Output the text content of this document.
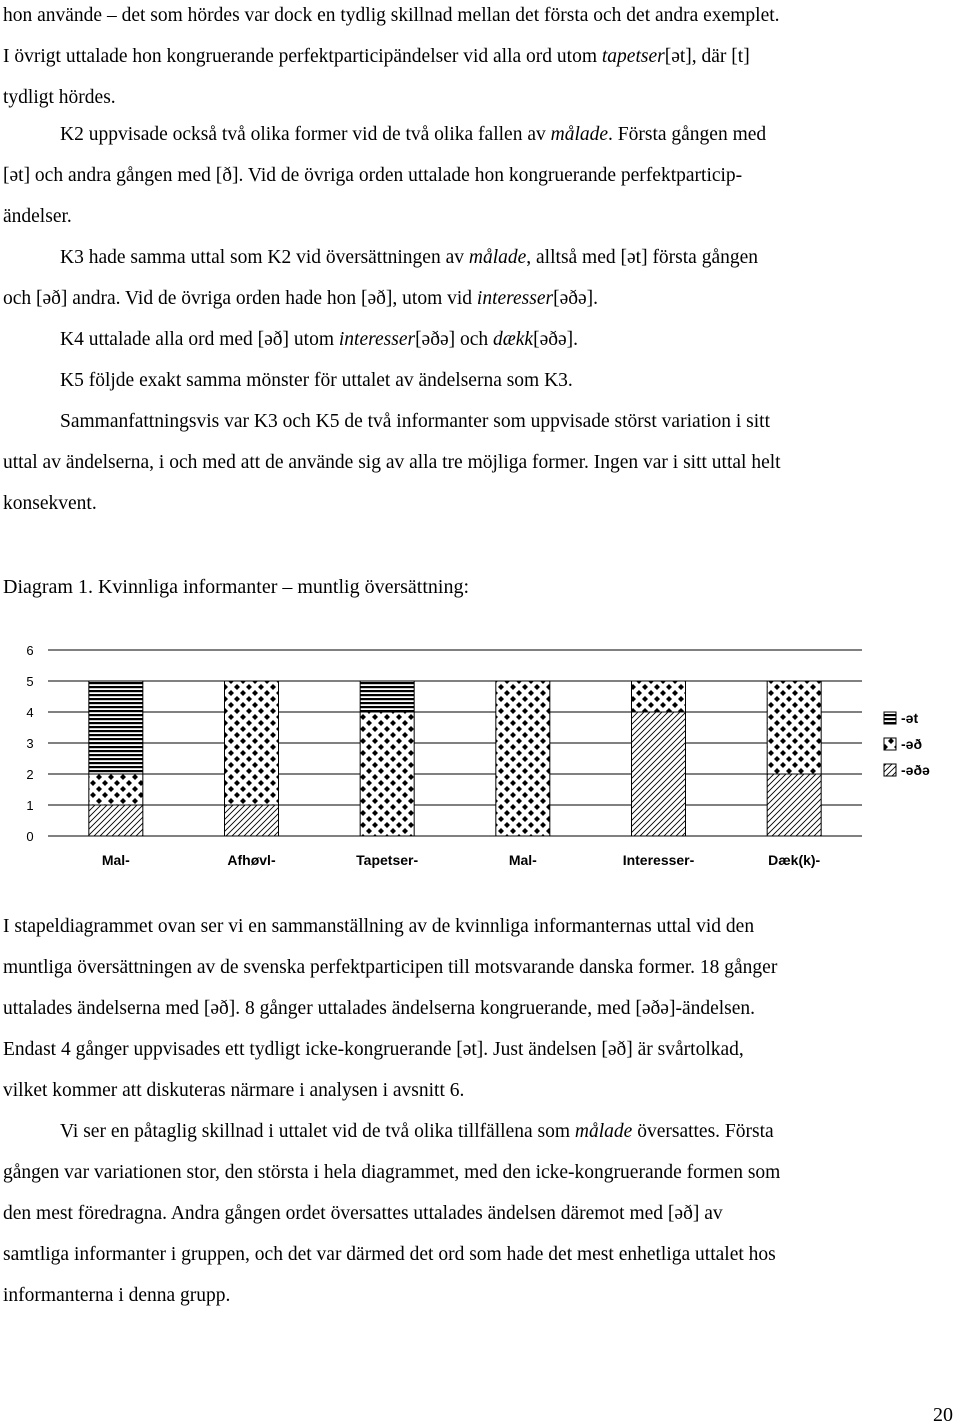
hon använde – det som hördes var dock en tydlig skillnad mellan det första och det andra exemplet.
I övrigt uttalade hon kongruerande perfektparticipändelser vid alla ord utom tapetser[ət], där [t]
tydligt hördes.
K2 uppvisade också två olika former vid de två olika fallen av målade. Första gången med
[ət] och andra gången med [ð]. Vid de övriga orden uttalade hon kongruerande perfektparticip-
ändelser.
K3 hade samma uttal som K2 vid översättningen av målade, alltså med [ət] första gången
och [əð] andra. Vid de övriga orden hade hon [əð], utom vid interesser[əðə].
K4 uttalade alla ord med [əð] utom interesser[əðə] och dækk[əðə].
K5 följde exakt samma mönster för uttalet av ändelserna som K3.
Sammanfattningsvis var K3 och K5 de två informanter som uppvisade störst variation i sitt
uttal av ändelserna, i och med att de använde sig av alla tre möjliga former. Ingen var i sitt uttal helt
konsekvent.
I stapeldiagrammet ovan ser vi en sammanställning av de kvinnliga informanternas uttal vid den
muntliga översättningen av de svenska perfektparticipen till motsvarande danska former. 18 gånger
uttalades ändelserna med [əð]. 8 gånger uttalades ändelserna kongruerande, med [əðə]-ändelsen.
Endast 4 gånger uppvisades ett tydligt icke-kongruerande [ət]. Just ändelsen [əð] är svårtolkad,
vilket kommer att diskuteras närmare i analysen i avsnitt 6.
Vi ser en påtaglig skillnad i uttalet vid de två olika tillfällena som målade översattes. Första
gången var variationen stor, den största i hela diagrammet, med den icke-kongruerande formen som
den mest föredragna. Andra gången ordet översattes uttalades ändelsen däremot med [əð] av
samtliga informanter i gruppen, och det var därmed det ord som hade det mest enhetliga uttalet hos
informanterna i denna grupp.
Diagram 1. Kvinnliga informanter – muntlig översättning:
0
1
2
3
4
5
6
Mal-	Afhøvl-	Tapetser-	Mal-	Interesser-	Dæk(k)-
-ət
-əð
-əðə
20
